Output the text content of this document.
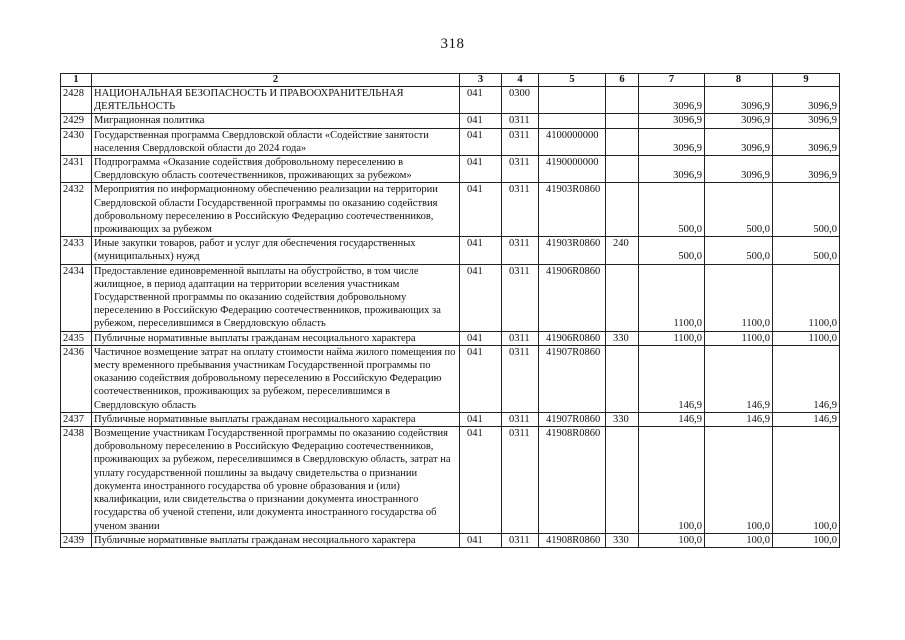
318
1	2	3	4	5	6	7	8	9
2428	НАЦИОНАЛЬНАЯ БЕЗОПАСНОСТЬ И ПРАВООХРАНИТЕЛЬНАЯ ДЕЯТЕЛЬНОСТЬ	041	0300			3096,9	3096,9	3096,9
2429	Миграционная политика	041	0311			3096,9	3096,9	3096,9
2430	Государственная программа Свердловской области «Содействие занятости населения Свердловской области до 2024 года»	041	0311	4100000000		3096,9	3096,9	3096,9
2431	Подпрограмма «Оказание содействия добровольному переселению в Свердловскую область соотечественников, проживающих за рубежом»	041	0311	4190000000		3096,9	3096,9	3096,9
2432	Мероприятия по информационному обеспечению реализации на территории Свердловской области Государственной программы по оказанию содействия добровольному переселению в Российскую Федерацию соотечественников, проживающих за рубежом	041	0311	41903R0860		500,0	500,0	500,0
2433	Иные закупки товаров, работ и услуг для обеспечения государственных (муниципальных) нужд	041	0311	41903R0860	240	500,0	500,0	500,0
2434	Предоставление единовременной выплаты на обустройство, в том числе жилищное, в период адаптации на территории вселения участникам Государственной программы по оказанию содействия добровольному переселению в Российскую Федерацию соотечественников, проживающих за рубежом, переселившимся в Свердловскую область	041	0311	41906R0860		1100,0	1100,0	1100,0
2435	Публичные нормативные выплаты гражданам несоциального характера	041	0311	41906R0860	330	1100,0	1100,0	1100,0
2436	Частичное возмещение затрат на оплату стоимости найма жилого помещения по месту временного пребывания участникам Государственной программы по оказанию содействия добровольному переселению в Российскую Федерацию соотечественников, проживающих за рубежом, переселившимся в Свердловскую область	041	0311	41907R0860		146,9	146,9	146,9
2437	Публичные нормативные выплаты гражданам несоциального характера	041	0311	41907R0860	330	146,9	146,9	146,9
2438	Возмещение участникам Государственной программы по оказанию содействия добровольному переселению в Российскую Федерацию соотечественников, проживающих за рубежом, переселившимся в Свердловскую область, затрат на уплату государственной пошлины за выдачу свидетельства о признании документа иностранного государства об уровне образования и (или) квалификации, или свидетельства о признании документа иностранного государства об ученой степени, или документа иностранного государства об ученом звании	041	0311	41908R0860		100,0	100,0	100,0
2439	Публичные нормативные выплаты гражданам несоциального характера	041	0311	41908R0860	330	100,0	100,0	100,0
